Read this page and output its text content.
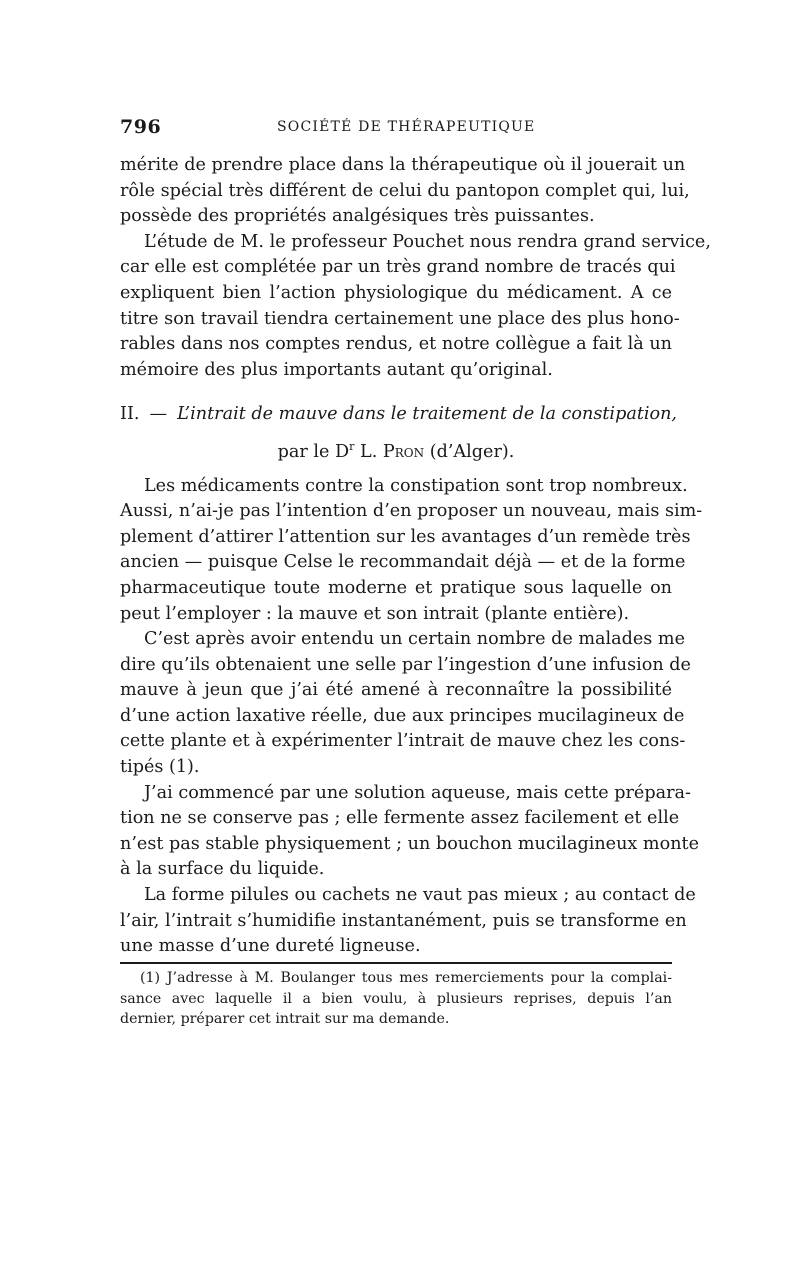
796	SOCIÉTÉ DE THÉRAPEUTIQUE
mérite de prendre place dans la thérapeutique où il jouerait un
rôle spécial très différent de celui du pantopon complet qui, lui,
possède des propriétés analgésiques très puissantes.
L’étude de M. le professeur Pouchet nous rendra grand service,
car elle est complétée par un très grand nombre de tracés qui
expliquent bien l’action physiologique du médicament. A ce
titre son travail tiendra certainement une place des plus hono-
rables dans nos comptes rendus, et notre collègue a fait là un
mémoire des plus importants autant qu’original.
II. — L’intrait de mauve dans le traitement de la constipation,
par le $D^r$ L. Pron (d’Alger).
Les médicaments contre la constipation sont trop nombreux.
Aussi, n’ai-je pas l’intention d’en proposer un nouveau, mais sim-
plement d’attirer l’attention sur les avantages d’un remède très
ancien — puisque Celse le recommandait déjà — et de la forme
pharmaceutique toute moderne et pratique sous laquelle on
peut l’employer : la mauve et son intrait (plante entière).
C’est après avoir entendu un certain nombre de malades me
dire qu’ils obtenaient une selle par l’ingestion d’une infusion de
mauve à jeun que j’ai été amené à reconnaître la possibilité
d’une action laxative réelle, due aux principes mucilagineux de
cette plante et à expérimenter l’intrait de mauve chez les cons-
tipés (1).
J’ai commencé par une solution aqueuse, mais cette prépara-
tion ne se conserve pas ; elle fermente assez facilement et elle
n’est pas stable physiquement ; un bouchon mucilagineux monte
à la surface du liquide.
La forme pilules ou cachets ne vaut pas mieux ; au contact de
l’air, l’intrait s’humidifie instantanément, puis se transforme en
une masse d’une dureté ligneuse.
(1) J’adresse à M. Boulanger tous mes remerciements pour la complai-
sance avec laquelle il a bien voulu, à plusieurs reprises, depuis l’an
dernier, préparer cet intrait sur ma demande.
